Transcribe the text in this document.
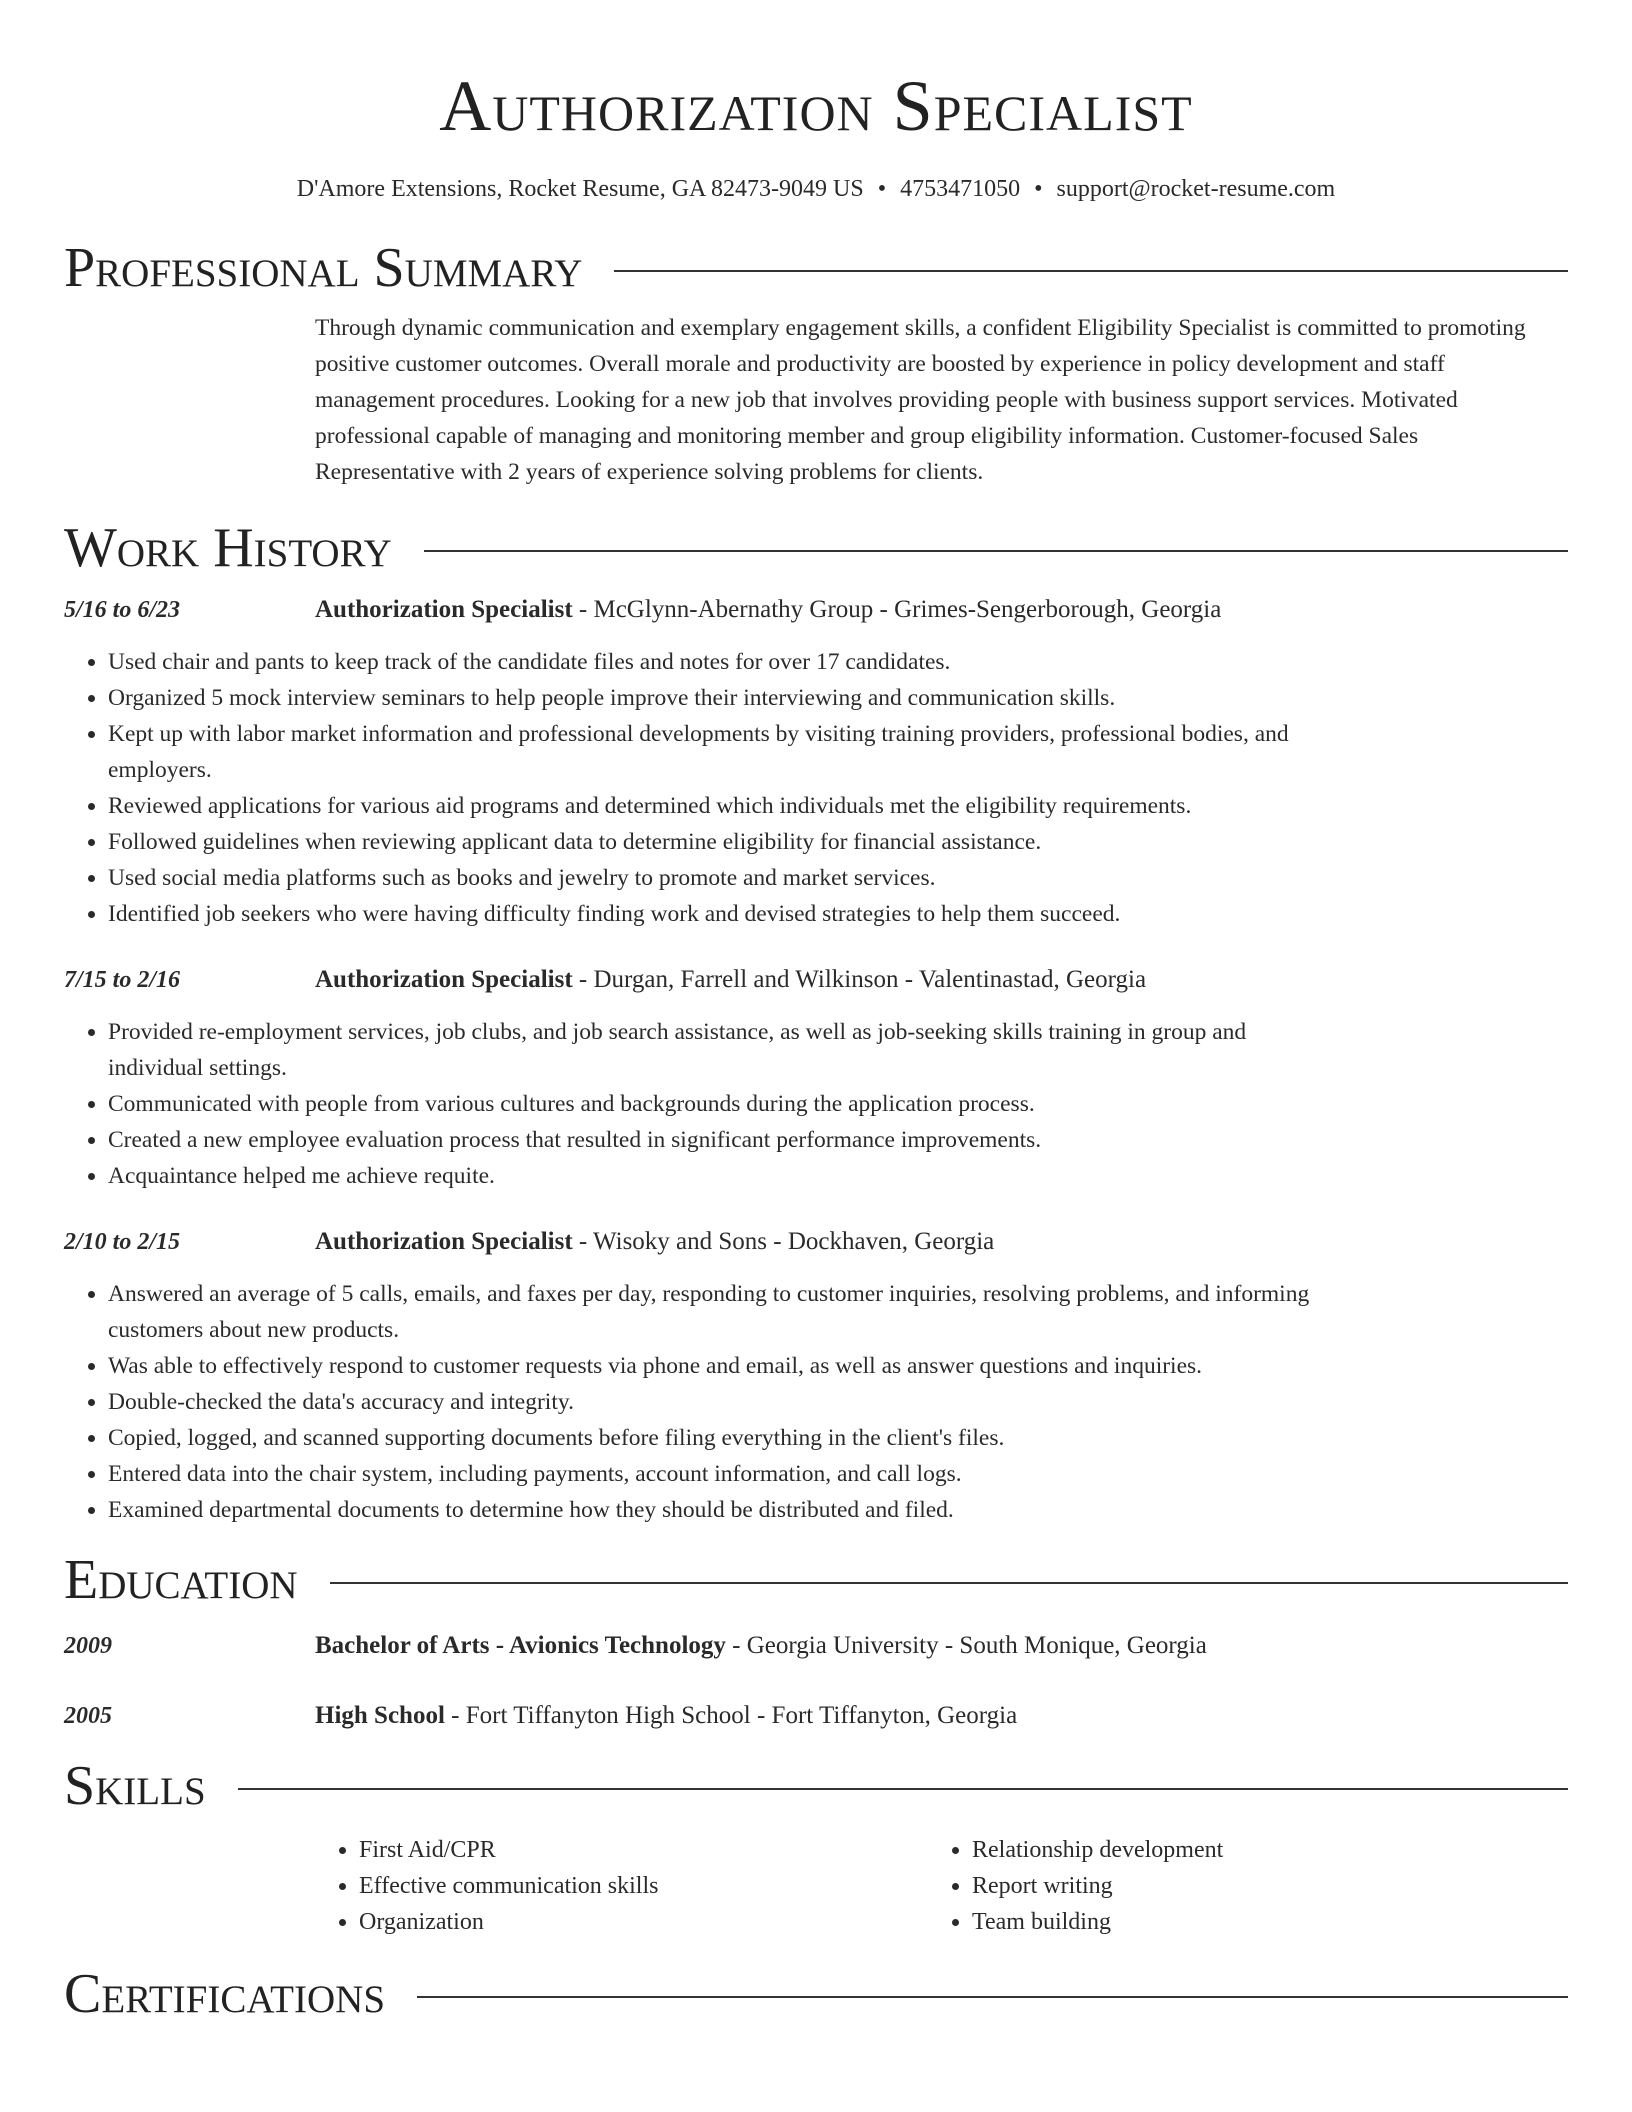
Authorization Specialist
D'Amore Extensions, Rocket Resume, GA 82473-9049 US • 4753471050 • support@rocket-resume.com
Professional Summary
Through dynamic communication and exemplary engagement skills, a confident Eligibility Specialist is committed to promoting positive customer outcomes. Overall morale and productivity are boosted by experience in policy development and staff management procedures. Looking for a new job that involves providing people with business support services. Motivated professional capable of managing and monitoring member and group eligibility information. Customer-focused Sales Representative with 2 years of experience solving problems for clients.
Work History
5/16 to 6/23	Authorization Specialist - McGlynn-Abernathy Group - Grimes-Sengerborough, Georgia
• Used chair and pants to keep track of the candidate files and notes for over 17 candidates.
• Organized 5 mock interview seminars to help people improve their interviewing and communication skills.
• Kept up with labor market information and professional developments by visiting training providers, professional bodies, and employers.
• Reviewed applications for various aid programs and determined which individuals met the eligibility requirements.
• Followed guidelines when reviewing applicant data to determine eligibility for financial assistance.
• Used social media platforms such as books and jewelry to promote and market services.
• Identified job seekers who were having difficulty finding work and devised strategies to help them succeed.
7/15 to 2/16	Authorization Specialist - Durgan, Farrell and Wilkinson - Valentinastad, Georgia
• Provided re-employment services, job clubs, and job search assistance, as well as job-seeking skills training in group and individual settings.
• Communicated with people from various cultures and backgrounds during the application process.
• Created a new employee evaluation process that resulted in significant performance improvements.
• Acquaintance helped me achieve requite.
2/10 to 2/15	Authorization Specialist - Wisoky and Sons - Dockhaven, Georgia
• Answered an average of 5 calls, emails, and faxes per day, responding to customer inquiries, resolving problems, and informing customers about new products.
• Was able to effectively respond to customer requests via phone and email, as well as answer questions and inquiries.
• Double-checked the data's accuracy and integrity.
• Copied, logged, and scanned supporting documents before filing everything in the client's files.
• Entered data into the chair system, including payments, account information, and call logs.
• Examined departmental documents to determine how they should be distributed and filed.
Education
2009	Bachelor of Arts - Avionics Technology - Georgia University - South Monique, Georgia
2005	High School - Fort Tiffanyton High School - Fort Tiffanyton, Georgia
Skills
• First Aid/CPR
• Effective communication skills
• Organization
• Relationship development
• Report writing
• Team building
Certifications
